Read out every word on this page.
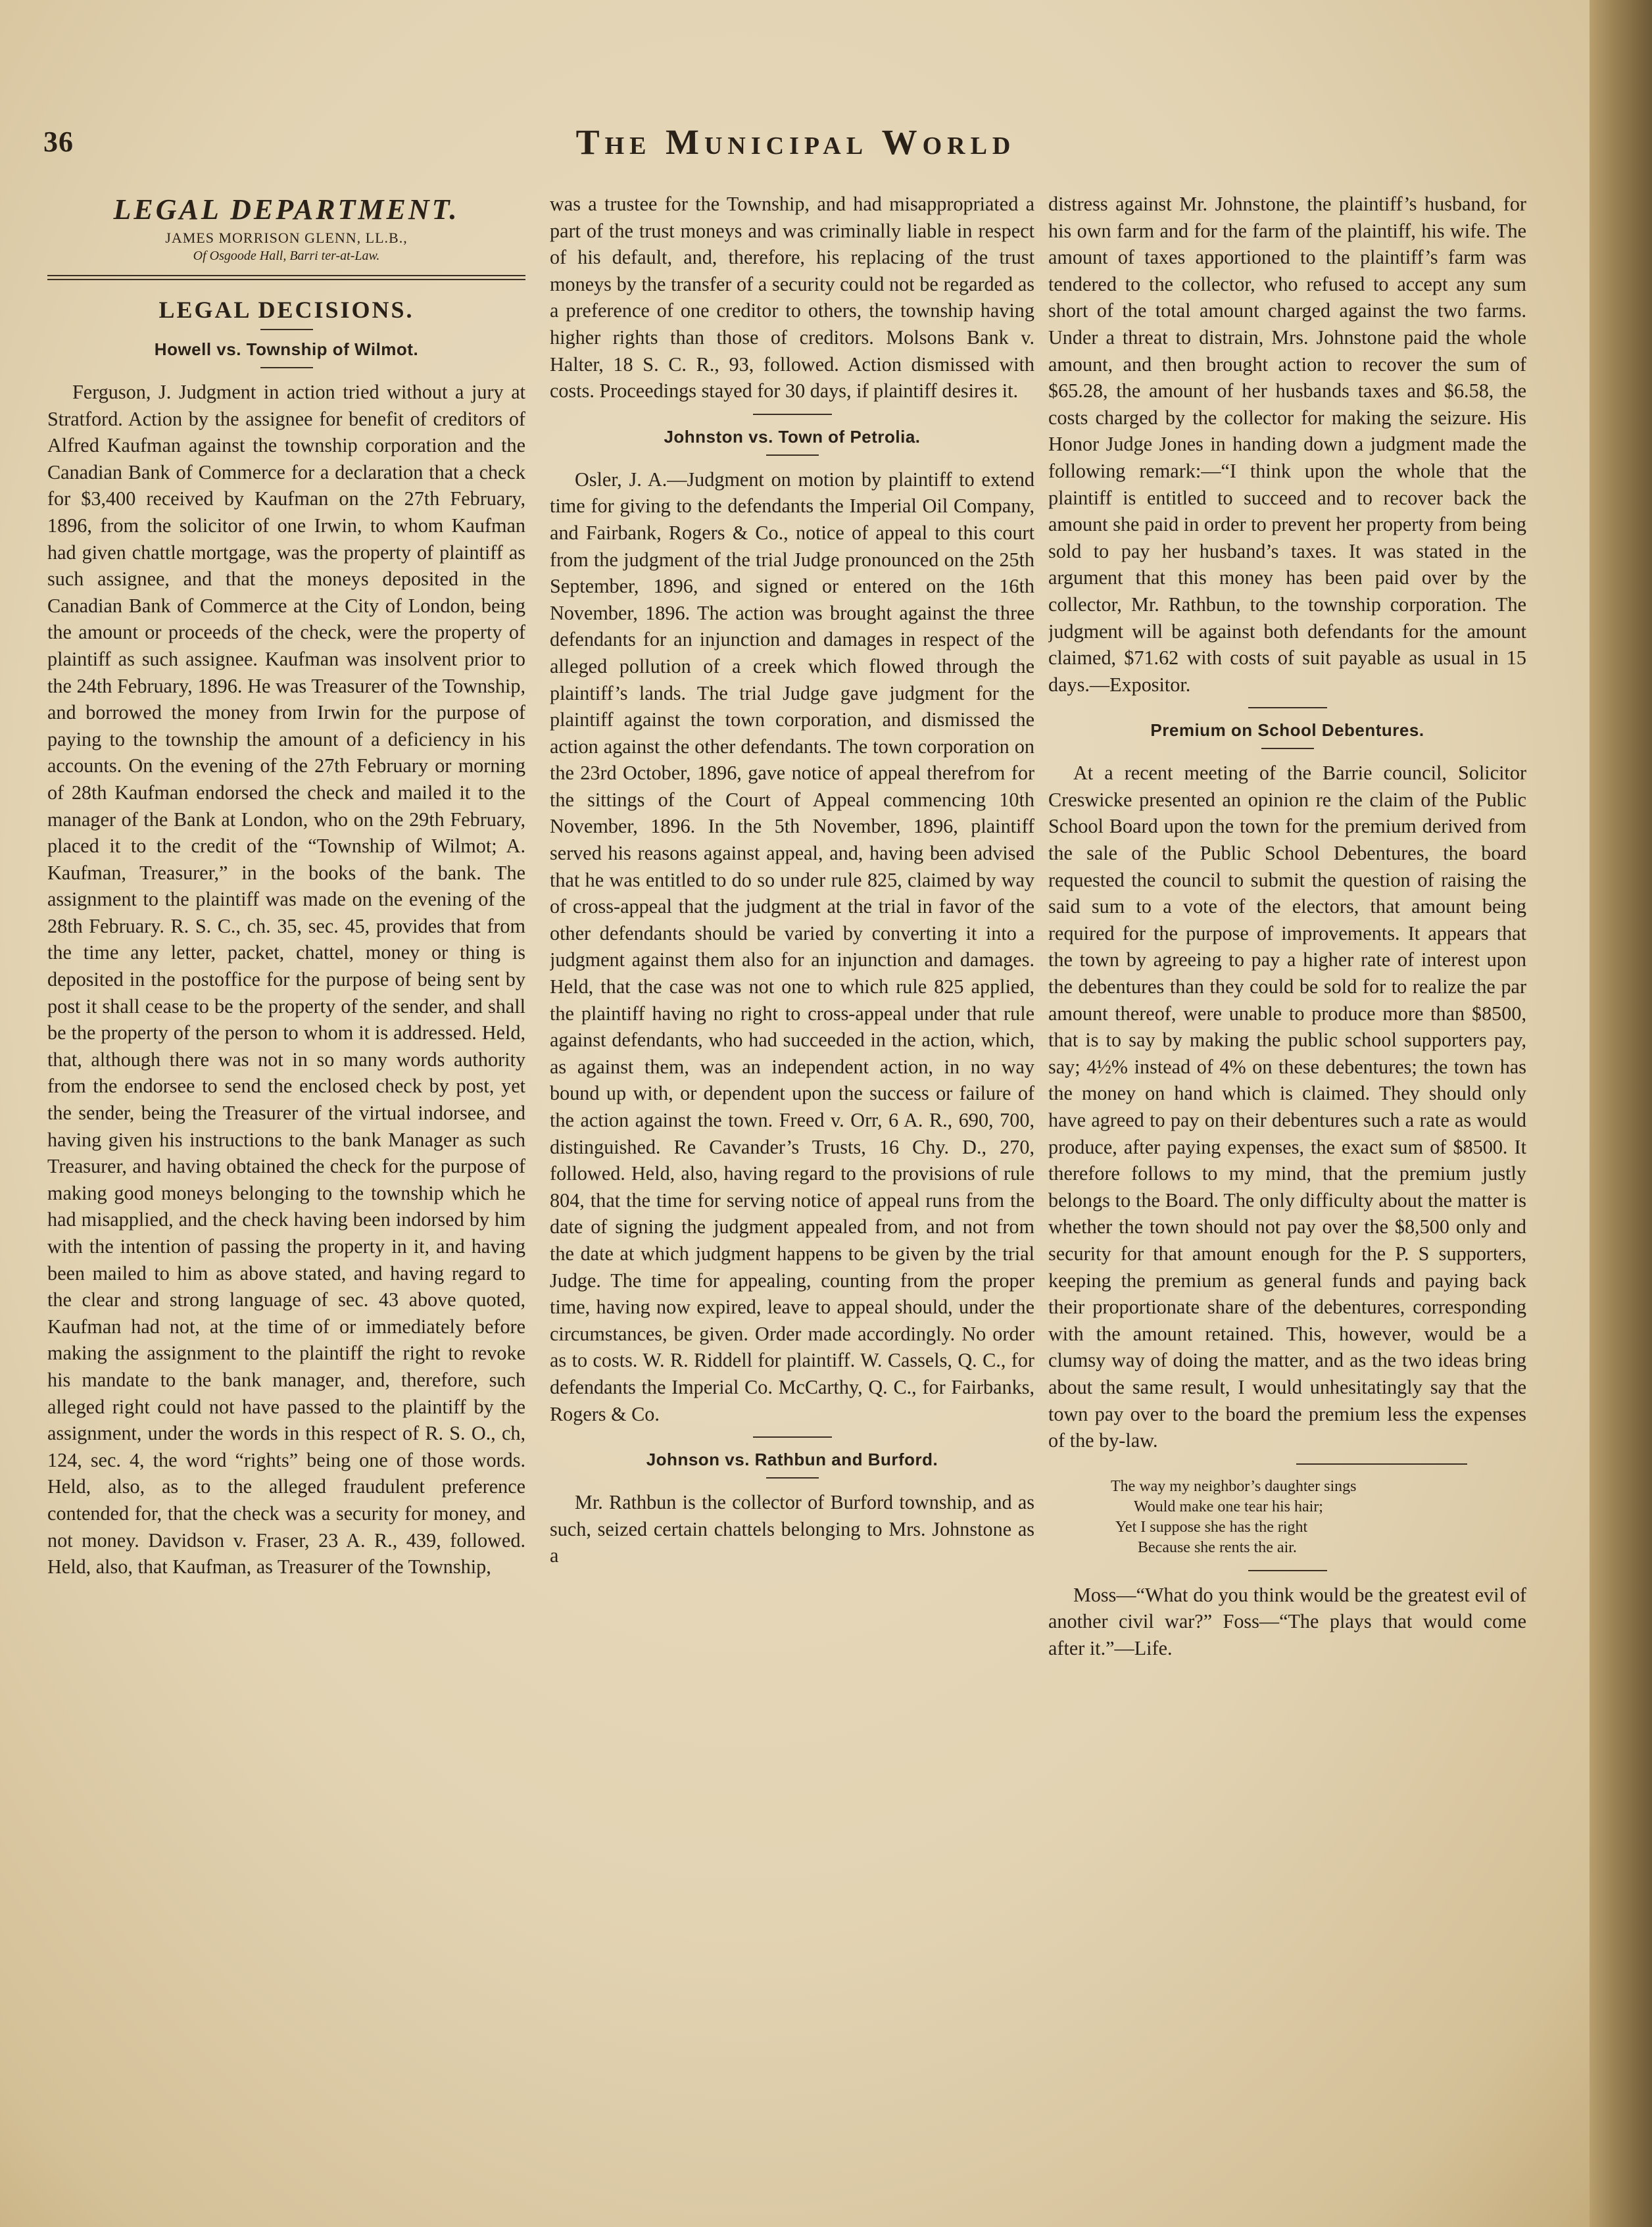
36	The Municipal World
LEGAL DEPARTMENT.
JAMES MORRISON GLENN, LL.B.,
Of Osgoode Hall, Barri ter-at-Law.
LEGAL DECISIONS.
Howell vs. Township of Wilmot.

Ferguson, J. Judgment in action tried without a jury at Stratford. Action by the assignee for benefit of creditors of Alfred Kaufman against the township corporation and the Canadian Bank of Commerce for a declaration that a check for $3,400 received by Kaufman on the 27th February, 1896, from the solicitor of one Irwin, to whom Kaufman had given chattle mortgage, was the property of plaintiff as such assignee, and that the moneys deposited in the Canadian Bank of Commerce at the City of London, being the amount or proceeds of the check, were the property of plaintiff as such assignee. Kaufman was insolvent prior to the 24th February, 1896. He was Treasurer of the Township, and borrowed the money from Irwin for the purpose of paying to the township the amount of a deficiency in his accounts. On the evening of the 27th February or morning of 28th Kaufman endorsed the check and mailed it to the manager of the Bank at London, who on the 29th February, placed it to the credit of the “Township of Wilmot; A. Kaufman, Treasurer,” in the books of the bank. The assignment to the plaintiff was made on the evening of the 28th February. R. S. C., ch. 35, sec. 45, provides that from the time any letter, packet, chattel, money or thing is deposited in the postoffice for the purpose of being sent by post it shall cease to be the property of the sender, and shall be the property of the person to whom it is addressed. Held, that, although there was not in so many words authority from the endorsee to send the enclosed check by post, yet the sender, being the Treasurer of the virtual indorsee, and having given his instructions to the bank Manager as such Treasurer, and having obtained the check for the purpose of making good moneys belonging to the township which he had misapplied, and the check having been indorsed by him with the intention of passing the property in it, and having been mailed to him as above stated, and having regard to the clear and strong language of sec. 43 above quoted, Kaufman had not, at the time of or immediately before making the assignment to the plaintiff the right to revoke his mandate to the bank manager, and, therefore, such alleged right could not have passed to the plaintiff by the assignment, under the words in this respect of R. S. O., ch, 124, sec. 4, the word “rights” being one of those words. Held, also, as to the alleged fraudulent preference contended for, that the check was a security for money, and not money. Davidson v. Fraser, 23 A. R., 439, followed. Held, also, that Kaufman, as Treasurer of the Township,

was a trustee for the Township, and had misappropriated a part of the trust moneys and was criminally liable in respect of his default, and, therefore, his replacing of the trust moneys by the transfer of a security could not be regarded as a preference of one creditor to others, the township having higher rights than those of creditors. Molsons Bank v. Halter, 18 S. C. R., 93, followed. Action dismissed with costs. Proceedings stayed for 30 days, if plaintiff desires it.

Johnston vs. Town of Petrolia.

Osler, J. A.—Judgment on motion by plaintiff to extend time for giving to the defendants the Imperial Oil Company, and Fairbank, Rogers & Co., notice of appeal to this court from the judgment of the trial Judge pronounced on the 25th September, 1896, and signed or entered on the 16th November, 1896. The action was brought against the three defendants for an injunction and damages in respect of the alleged pollution of a creek which flowed through the plaintiff’s lands. The trial Judge gave judgment for the plaintiff against the town corporation, and dismissed the action against the other defendants. The town corporation on the 23rd October, 1896, gave notice of appeal therefrom for the sittings of the Court of Appeal commencing 10th November, 1896. In the 5th November, 1896, plaintiff served his reasons against appeal, and, having been advised that he was entitled to do so under rule 825, claimed by way of cross-appeal that the judgment at the trial in favor of the other defendants should be varied by converting it into a judgment against them also for an injunction and damages. Held, that the case was not one to which rule 825 applied, the plaintiff having no right to cross-appeal under that rule against defendants, who had succeeded in the action, which, as against them, was an independent action, in no way bound up with, or dependent upon the success or failure of the action against the town. Freed v. Orr, 6 A. R., 690, 700, distinguished. Re Cavander’s Trusts, 16 Chy. D., 270, followed. Held, also, having regard to the provisions of rule 804, that the time for serving notice of appeal runs from the date of signing the judgment appealed from, and not from the date at which judgment happens to be given by the trial Judge. The time for appealing, counting from the proper time, having now expired, leave to appeal should, under the circumstances, be given. Order made accordingly. No order as to costs. W. R. Riddell for plaintiff. W. Cassels, Q. C., for defendants the Imperial Co. McCarthy, Q. C., for Fairbanks, Rogers & Co.

Johnson vs. Rathbun and Burford.

Mr. Rathbun is the collector of Burford township, and as such, seized certain chattels belonging to Mrs. Johnstone as a

distress against Mr. Johnstone, the plaintiff’s husband, for his own farm and for the farm of the plaintiff, his wife. The amount of taxes apportioned to the plaintiff’s farm was tendered to the collector, who refused to accept any sum short of the total amount charged against the two farms. Under a threat to distrain, Mrs. Johnstone paid the whole amount, and then brought action to recover the sum of $65.28, the amount of her husbands taxes and $6.58, the costs charged by the collector for making the seizure. His Honor Judge Jones in handing down a judgment made the following remark:—“I think upon the whole that the plaintiff is entitled to succeed and to recover back the amount she paid in order to prevent her property from being sold to pay her husband’s taxes. It was stated in the argument that this money has been paid over by the collector, Mr. Rathbun, to the township corporation. The judgment will be against both defendants for the amount claimed, $71.62 with costs of suit payable as usual in 15 days.—Expositor.

Premium on School Debentures.

At a recent meeting of the Barrie council, Solicitor Creswicke presented an opinion re the claim of the Public School Board upon the town for the premium derived from the sale of the Public School Debentures, the board requested the council to submit the question of raising the said sum to a vote of the electors, that amount being required for the purpose of improvements. It appears that the town by agreeing to pay a higher rate of interest upon the debentures than they could be sold for to realize the par amount thereof, were unable to produce more than $8500, that is to say by making the public school supporters pay, say; 4½% instead of 4% on these debentures; the town has the money on hand which is claimed. They should only have agreed to pay on their debentures such a rate as would produce, after paying expenses, the exact sum of $8500. It therefore follows to my mind, that the premium justly belongs to the Board. The only difficulty about the matter is whether the town should not pay over the $8,500 only and security for that amount enough for the P. S supporters, keeping the premium as general funds and paying back their proportionate share of the debentures, corresponding with the amount retained. This, however, would be a clumsy way of doing the matter, and as the two ideas bring about the same result, I would unhesitatingly say that the town pay over to the board the premium less the expenses of the by-law.

The way my neighbor’s daughter sings
Would make one tear his hair;
Yet I suppose she has the right
Because she rents the air.

Moss—“What do you think would be the greatest evil of another civil war?” Foss—“The plays that would come after it.”—Life.
